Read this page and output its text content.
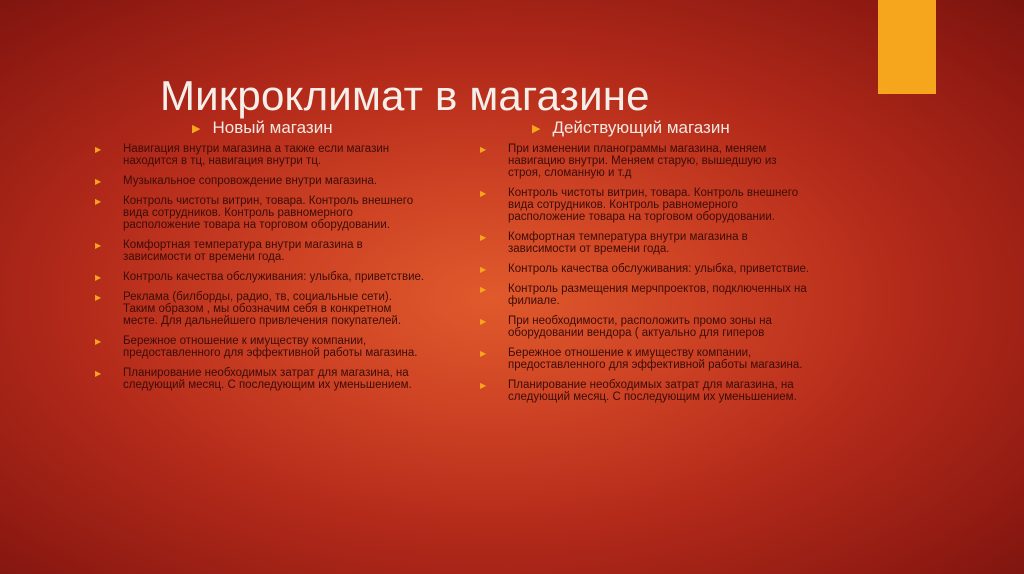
Микроклимат в магазине
▶ Новый магазин	▶ Действующий магазин
▶ Навигация внутри магазина а также если магазин находится в тц, навигация внутри тц.
▶ Музыкальное сопровождение внутри магазина.
▶ Контроль чистоты витрин, товара. Контроль внешнего вида сотрудников. Контроль равномерного расположение товара на торговом оборудовании.
▶ Комфортная температура внутри магазина в зависимости от времени года.
▶ Контроль качества обслуживания: улыбка, приветствие.
▶ Реклама (билборды, радио, тв, социальные сети). Таким образом , мы обозначим себя в конкретном месте. Для дальнейшего привлечения покупателей.
▶ Бережное отношение к имуществу компании, предоставленного для эффективной работы магазина.
▶ Планирование необходимых затрат для магазина, на следующий месяц. С последующим их уменьшением.
▶ При изменении планограммы магазина, меняем навигацию внутри. Меняем старую, вышедшую из строя, сломанную и т.д
▶ Контроль чистоты витрин, товара. Контроль внешнего вида сотрудников. Контроль равномерного расположение товара на торговом оборудовании.
▶ Комфортная температура внутри магазина в зависимости от времени года.
▶ Контроль качества обслуживания: улыбка, приветствие.
▶ Контроль размещения мерчпроектов, подключенных на филиале.
▶ При необходимости, расположить промо зоны на оборудовании вендора ( актуально для гиперов
▶ Бережное отношение к имуществу компании, предоставленного для эффективной работы магазина.
▶ Планирование необходимых затрат для магазина, на следующий месяц. С последующим их уменьшением.
